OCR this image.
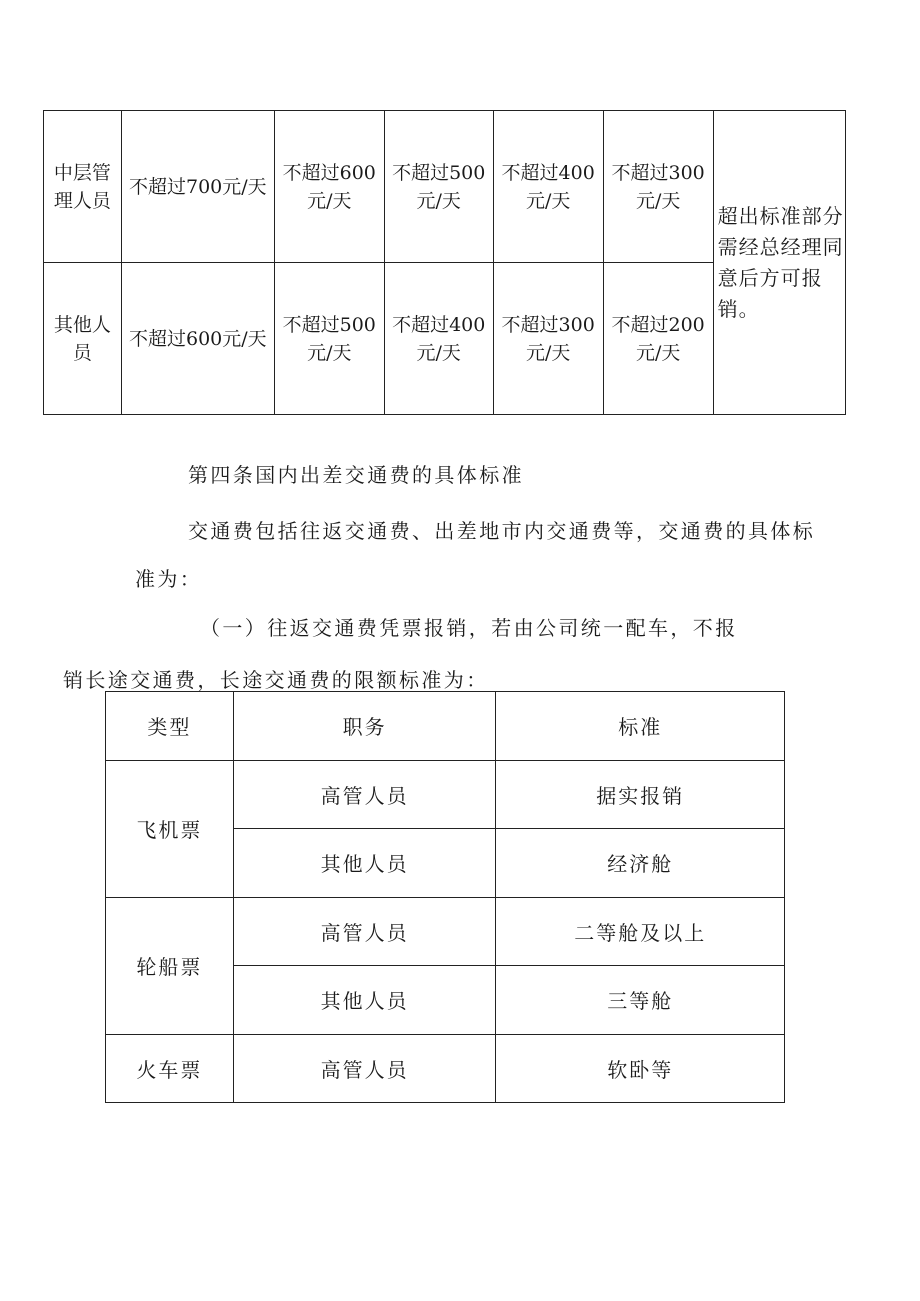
中层管理人员	不超过700元/天	不超过600元/天	不超过500元/天	不超过400元/天	不超过300元/天	超出标准部分需经总经理同意后方可报销。
其他人员	不超过600元/天	不超过500元/天	不超过400元/天	不超过300元/天	不超过200元/天	
第四条国内出差交通费的具体标准
交通费包括往返交通费、出差地市内交通费等，交通费的具体标
准为：
（一）往返交通费凭票报销，若由公司统一配车，不报
销长途交通费，长途交通费的限额标准为：
类型	职务	标准
飞机票	高管人员	据实报销
	其他人员	经济舱
轮船票	高管人员	二等舱及以上
	其他人员	三等舱
火车票	高管人员	软卧等
